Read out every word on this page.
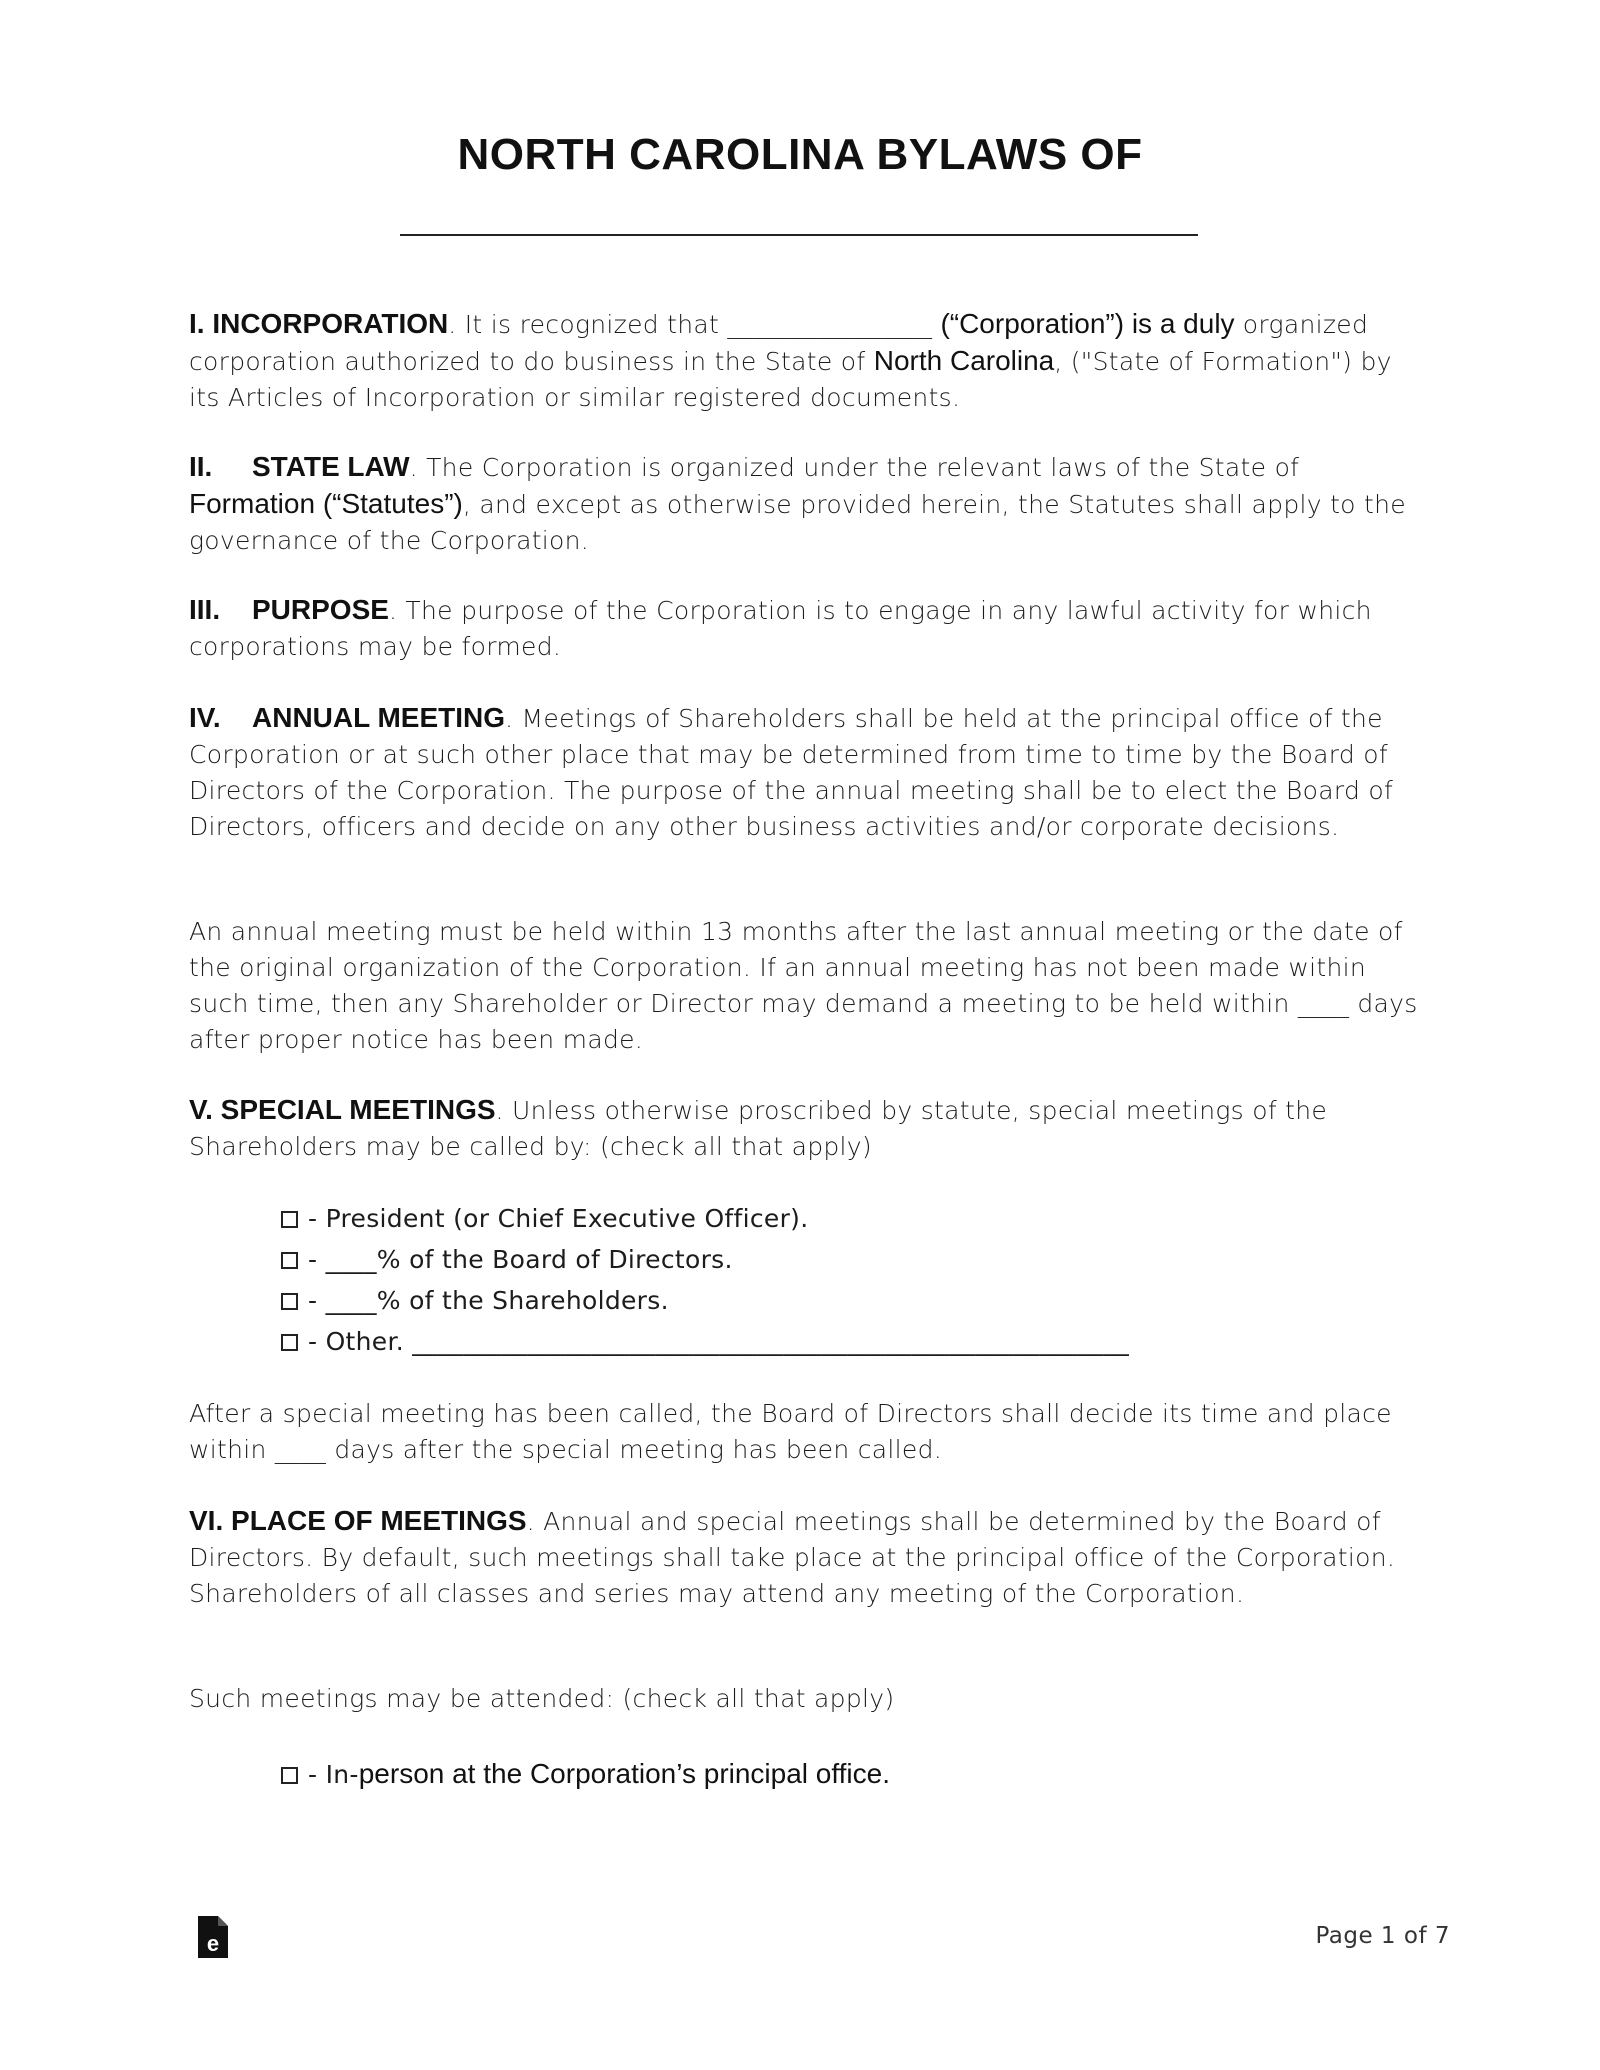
NORTH CAROLINA BYLAWS OF

I. INCORPORATION. It is recognized that ________________ (“Corporation”) is a duly organized corporation authorized to do business in the State of North Carolina, ("State of Formation") by its Articles of Incorporation or similar registered documents.

II. STATE LAW. The Corporation is organized under the relevant laws of the State of Formation (“Statutes”), and except as otherwise provided herein, the Statutes shall apply to the governance of the Corporation.

III. PURPOSE. The purpose of the Corporation is to engage in any lawful activity for which corporations may be formed.

IV. ANNUAL MEETING. Meetings of Shareholders shall be held at the principal office of the Corporation or at such other place that may be determined from time to time by the Board of Directors of the Corporation. The purpose of the annual meeting shall be to elect the Board of Directors, officers and decide on any other business activities and/or corporate decisions.

An annual meeting must be held within 13 months after the last annual meeting or the date of the original organization of the Corporation. If an annual meeting has not been made within such time, then any Shareholder or Director may demand a meeting to be held within ____ days after proper notice has been made.

V. SPECIAL MEETINGS. Unless otherwise proscribed by statute, special meetings of the Shareholders may be called by: (check all that apply)

- President (or Chief Executive Officer).
- ____% of the Board of Directors.
- ____% of the Shareholders.
- Other. ________________________________________________________
After a special meeting has been called, the Board of Directors shall decide its time and place within ____ days after the special meeting has been called.

VI. PLACE OF MEETINGS. Annual and special meetings shall be determined by the Board of Directors. By default, such meetings shall take place at the principal office of the Corporation. Shareholders of all classes and series may attend any meeting of the Corporation.

Such meetings may be attended: (check all that apply)
- In-person at the Corporation’s principal office.
e	Page 1 of 7
